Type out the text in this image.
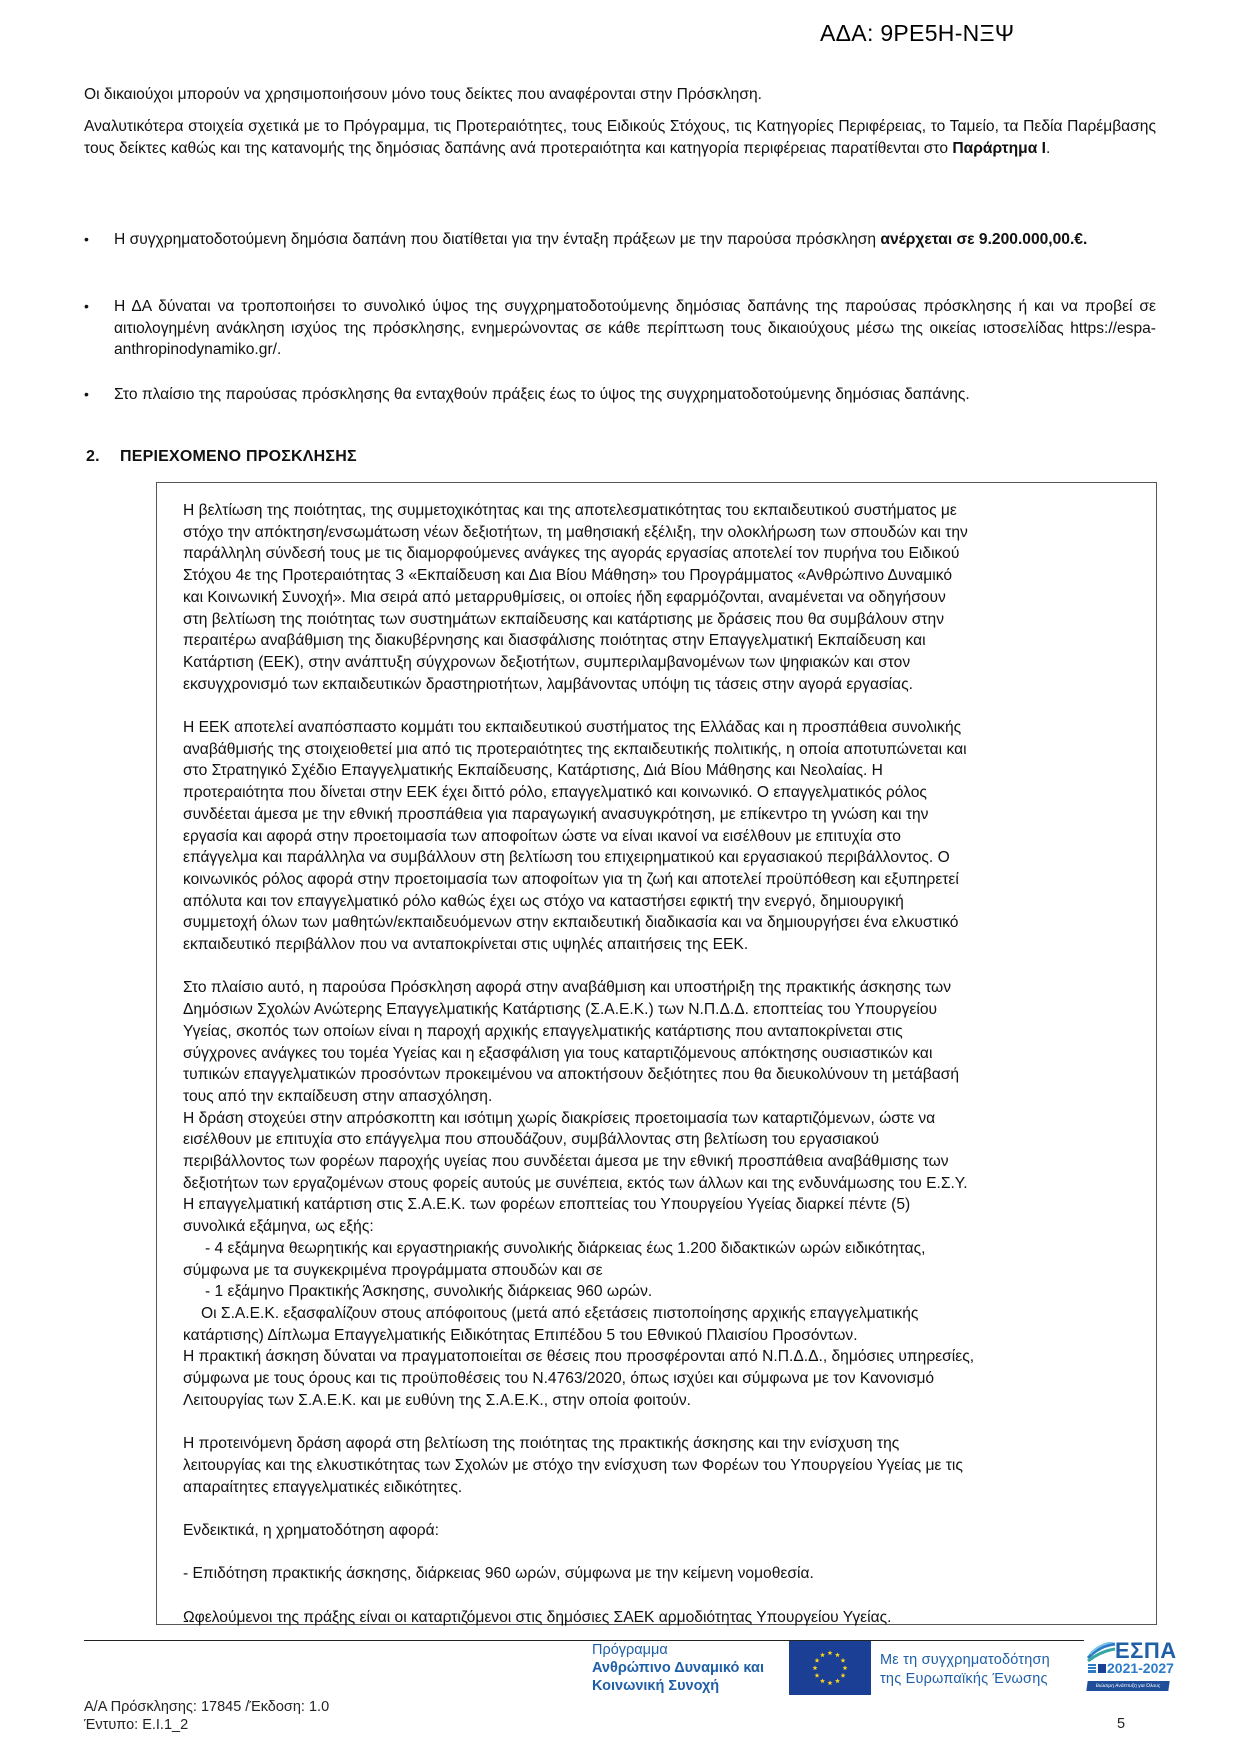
ΑΔΑ: 9ΡΕ5Η-ΝΞΨ

Οι δικαιούχοι μπορούν να χρησιμοποιήσουν μόνο τους δείκτες που αναφέρονται στην Πρόσκληση.

Αναλυτικότερα στοιχεία σχετικά με το Πρόγραμμα, τις Προτεραιότητες, τους Ειδικούς Στόχους, τις Κατηγορίες Περιφέρειας, το Ταμείο, τα Πεδία Παρέμβασης τους δείκτες καθώς και της κατανομής της δημόσιας δαπάνης ανά προτεραιότητα και κατηγορία περιφέρειας παρατίθενται στο Παράρτημα Ι.

• Η συγχρηματοδοτούμενη δημόσια δαπάνη που διατίθεται για την ένταξη πράξεων με την παρούσα πρόσκληση ανέρχεται σε 9.200.000,00.€.
• Η ΔΑ δύναται να τροποποιήσει το συνολικό ύψος της συγχρηματοδοτούμενης δημόσιας δαπάνης της παρούσας πρόσκλησης ή και να προβεί σε αιτιολογημένη ανάκληση ισχύος της πρόσκλησης, ενημερώνοντας σε κάθε περίπτωση τους δικαιούχους μέσω της οικείας ιστοσελίδας https://espa-anthropinodynamiko.gr/.
• Στο πλαίσιο της παρούσας πρόσκλησης θα ενταχθούν πράξεις έως το ύψος της συγχρηματοδοτούμενης δημόσιας δαπάνης.
2. ΠΕΡΙΕΧΟΜΕΝΟ ΠΡΟΣΚΛΗΣΗΣ

Η βελτίωση της ποιότητας, της συμμετοχικότητας και της αποτελεσματικότητας του εκπαιδευτικού συστήματος με

στόχο την απόκτηση/ενσωμάτωση νέων δεξιοτήτων, τη μαθησιακή εξέλιξη, την ολοκλήρωση των σπουδών και την

παράλληλη σύνδεσή τους με τις διαμορφούμενες ανάγκες της αγοράς εργασίας αποτελεί τον πυρήνα του Ειδικού

Στόχου 4ε της Προτεραιότητας 3 «Εκπαίδευση και Δια Βίου Μάθηση» του Προγράμματος «Ανθρώπινο Δυναμικό

και Κοινωνική Συνοχή». Μια σειρά από μεταρρυθμίσεις, οι οποίες ήδη εφαρμόζονται, αναμένεται να οδηγήσουν

στη βελτίωση της ποιότητας των συστημάτων εκπαίδευσης και κατάρτισης με δράσεις που θα συμβάλουν στην

περαιτέρω αναβάθμιση της διακυβέρνησης και διασφάλισης ποιότητας στην Επαγγελματική Εκπαίδευση και

Κατάρτιση (ΕΕΚ), στην ανάπτυξη σύγχρονων δεξιοτήτων, συμπεριλαμβανομένων των ψηφιακών και στον

εκσυγχρονισμό των εκπαιδευτικών δραστηριοτήτων, λαμβάνοντας υπόψη τις τάσεις στην αγορά εργασίας.

Η ΕΕΚ αποτελεί αναπόσπαστο κομμάτι του εκπαιδευτικού συστήματος της Ελλάδας και η προσπάθεια συνολικής

αναβάθμισής της στοιχειοθετεί μια από τις προτεραιότητες της εκπαιδευτικής πολιτικής, η οποία αποτυπώνεται και

στο Στρατηγικό Σχέδιο Επαγγελματικής Εκπαίδευσης, Κατάρτισης, Διά Βίου Μάθησης και Νεολαίας. Η

προτεραιότητα που δίνεται στην ΕΕΚ έχει διττό ρόλο, επαγγελματικό και κοινωνικό. Ο επαγγελματικός ρόλος

συνδέεται άμεσα με την εθνική προσπάθεια για παραγωγική ανασυγκρότηση, με επίκεντρο τη γνώση και την

εργασία και αφορά στην προετοιμασία των αποφοίτων ώστε να είναι ικανοί να εισέλθουν με επιτυχία στο

επάγγελμα και παράλληλα να συμβάλλουν στη βελτίωση του επιχειρηματικού και εργασιακού περιβάλλοντος. Ο

κοινωνικός ρόλος αφορά στην προετοιμασία των αποφοίτων για τη ζωή και αποτελεί προϋπόθεση και εξυπηρετεί

απόλυτα και τον επαγγελματικό ρόλο καθώς έχει ως στόχο να καταστήσει εφικτή την ενεργό, δημιουργική

συμμετοχή όλων των μαθητών/εκπαιδευόμενων στην εκπαιδευτική διαδικασία και να δημιουργήσει ένα ελκυστικό

εκπαιδευτικό περιβάλλον που να ανταποκρίνεται στις υψηλές απαιτήσεις της ΕΕΚ.

Στο πλαίσιο αυτό, η παρούσα Πρόσκληση αφορά στην αναβάθμιση και υποστήριξη της πρακτικής άσκησης των

Δημόσιων Σχολών Ανώτερης Επαγγελματικής Κατάρτισης (Σ.Α.Ε.Κ.) των Ν.Π.Δ.Δ. εποπτείας του Υπουργείου

Υγείας, σκοπός των οποίων είναι η παροχή αρχικής επαγγελματικής κατάρτισης που ανταποκρίνεται στις

σύγχρονες ανάγκες του τομέα Υγείας και η εξασφάλιση για τους καταρτιζόμενους απόκτησης ουσιαστικών και

τυπικών επαγγελματικών προσόντων προκειμένου να αποκτήσουν δεξιότητες που θα διευκολύνουν τη μετάβασή

τους από την εκπαίδευση στην απασχόληση.

Η δράση στοχεύει στην απρόσκοπτη και ισότιμη χωρίς διακρίσεις προετοιμασία των καταρτιζόμενων, ώστε να

εισέλθουν με επιτυχία στο επάγγελμα που σπουδάζουν, συμβάλλοντας στη βελτίωση του εργασιακού

περιβάλλοντος των φορέων παροχής υγείας που συνδέεται άμεσα με την εθνική προσπάθεια αναβάθμισης των

δεξιοτήτων των εργαζομένων στους φορείς αυτούς με συνέπεια, εκτός των άλλων και της ενδυνάμωσης του Ε.Σ.Υ.

Η επαγγελματική κατάρτιση στις Σ.Α.Ε.Κ. των φορέων εποπτείας του Υπουργείου Υγείας διαρκεί πέντε (5)

συνολικά εξάμηνα, ως εξής:

- 4 εξάμηνα θεωρητικής και εργαστηριακής συνολικής διάρκειας έως 1.200 διδακτικών ωρών ειδικότητας,

σύμφωνα με τα συγκεκριμένα προγράμματα σπουδών και σε

- 1 εξάμηνο Πρακτικής Άσκησης, συνολικής διάρκειας 960 ωρών.

Οι Σ.Α.Ε.Κ. εξασφαλίζουν στους απόφοιτους (μετά από εξετάσεις πιστοποίησης αρχικής επαγγελματικής

κατάρτισης) Δίπλωμα Επαγγελματικής Ειδικότητας Επιπέδου 5 του Εθνικού Πλαισίου Προσόντων.

Η πρακτική άσκηση δύναται να πραγματοποιείται σε θέσεις που προσφέρονται από Ν.Π.Δ.Δ., δημόσιες υπηρεσίες,

σύμφωνα με τους όρους και τις προϋποθέσεις του Ν.4763/2020, όπως ισχύει και σύμφωνα με τον Κανονισμό

Λειτουργίας των Σ.Α.Ε.Κ. και με ευθύνη της Σ.Α.Ε.Κ., στην οποία φοιτούν.

Η προτεινόμενη δράση αφορά στη βελτίωση της ποιότητας της πρακτικής άσκησης και την ενίσχυση της

λειτουργίας και της ελκυστικότητας των Σχολών με στόχο την ενίσχυση των Φορέων του Υπουργείου Υγείας με τις

απαραίτητες επαγγελματικές ειδικότητες.

Ενδεικτικά, η χρηματοδότηση αφορά:

- Επιδότηση πρακτικής άσκησης, διάρκειας 960 ωρών, σύμφωνα με την κείμενη νομοθεσία.

Ωφελούμενοι της πράξης είναι οι καταρτιζόμενοι στις δημόσιες ΣΑΕΚ αρμοδιότητας Υπουργείου Υγείας.

Πρόγραμμα
Ανθρώπινο Δυναμικό και
Κοινωνική Συνοχή
Με τη συγχρηματοδότηση
της Ευρωπαϊκής Ένωσης
ΕΣΠΑ
2021-2027
Βιώσιμη Ανάπτυξη για Όλους
Α/Α Πρόσκλησης: 17845 /Έκδοση: 1.0
Έντυπο: Ε.Ι.1_2	5
